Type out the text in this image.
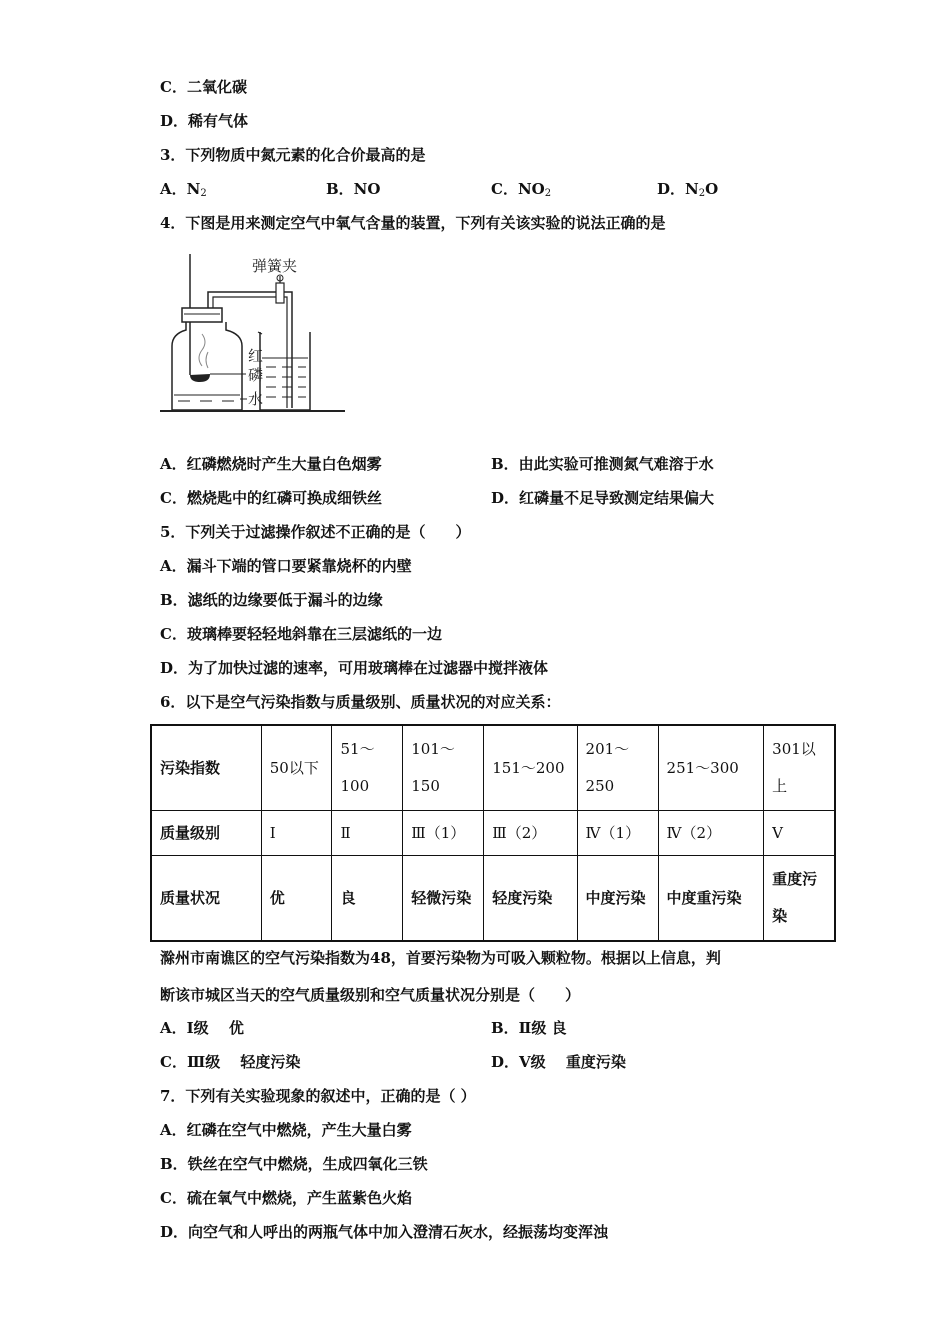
C．二氧化碳
D．稀有气体
3．下列物质中氮元素的化合价最高的是
A．$N_2$	B．NO	C．$NO_2$	D．$N_2O$
4．下图是用来测定空气中氧气含量的装置，下列有关该实验的说法正确的是
弹簧夹
红
磷
水
A．红磷燃烧时产生大量白色烟雾	B．由此实验可推测氮气难溶于水
C．燃烧匙中的红磷可换成细铁丝	D．红磷量不足导致测定结果偏大
5．下列关于过滤操作叙述不正确的是（　　）
A．漏斗下端的管口要紧靠烧杯的内壁
B．滤纸的边缘要低于漏斗的边缘
C．玻璃棒要轻轻地斜靠在三层滤纸的一边
D．为了加快过滤的速率，可用玻璃棒在过滤器中搅拌液体
6．以下是空气污染指数与质量级别、质量状况的对应关系：
污染指数	50以下	51～100	101～150	151～200	201～250	251～300	301以上
质量级别	Ⅰ	Ⅱ	Ⅲ（1）	Ⅲ（2）	Ⅳ（1）	Ⅳ（2）	Ⅴ
质量状况	优	良	轻微污染	轻度污染	中度污染	中度重污染	重度污染
滁州市南谯区的空气污染指数为48，首要污染物为可吸入颗粒物。根据以上信息，判
断该市城区当天的空气质量级别和空气质量状况分别是（　　）
A．Ⅰ级　 优	B．Ⅱ级 良
C．Ⅲ级　 轻度污染	D．Ⅴ级　 重度污染
7．下列有关实验现象的叙述中，正确的是（ ）
A．红磷在空气中燃烧，产生大量白雾
B．铁丝在空气中燃烧，生成四氧化三铁
C．硫在氧气中燃烧，产生蓝紫色火焰
D．向空气和人呼出的两瓶气体中加入澄清石灰水，经振荡均变浑浊
